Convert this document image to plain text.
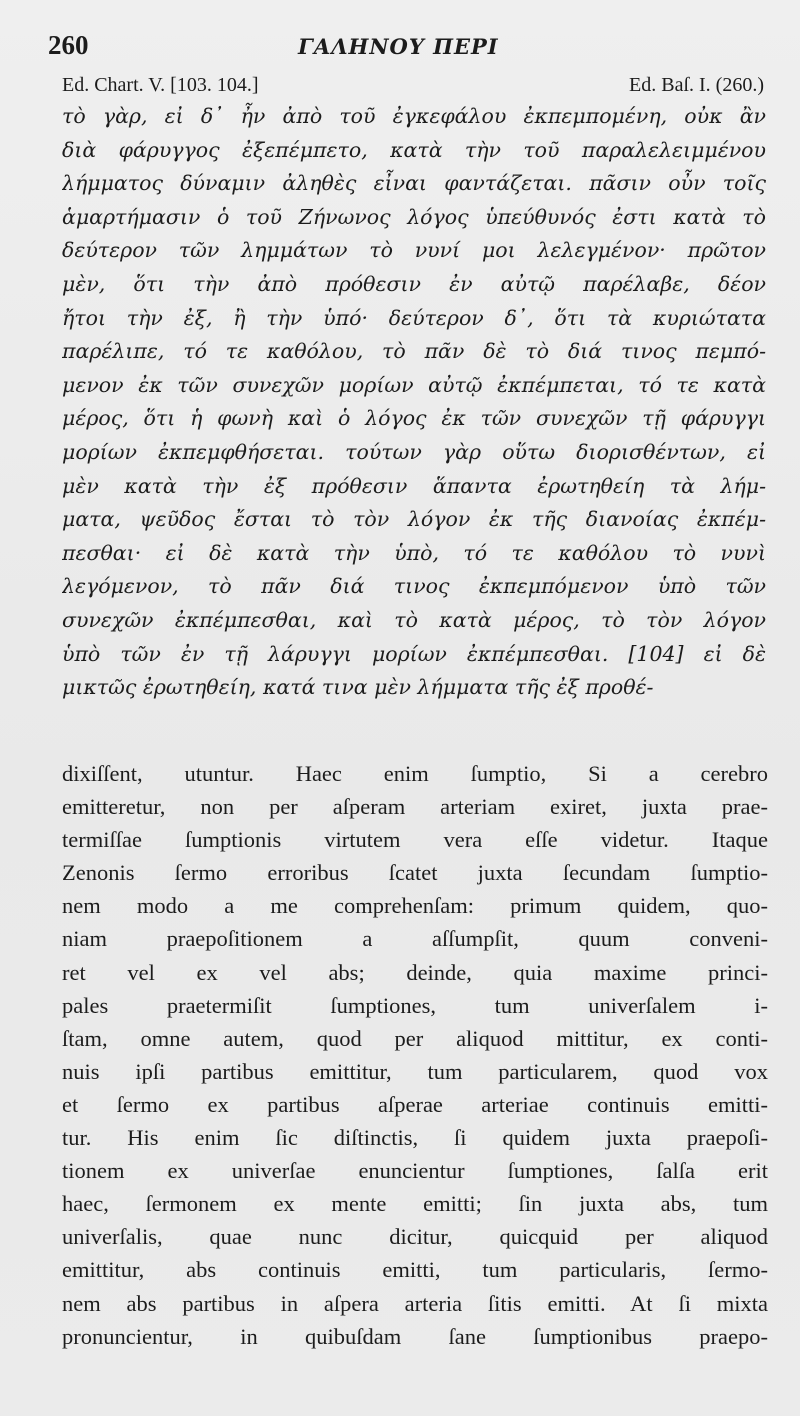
260	ΓΑΛΗΝΟΥ ΠΕΡΙ
Ed. Chart. V. [103. 104.]	Ed. Baſ. I. (260.)
τὸ γὰρ, εἰ δ᾽ ἦν ἀπὸ τοῦ ἐγκεφάλου ἐκπεμπομένη, οὐκ ἂν
διὰ φάρυγγος ἐξεπέμπετο, κατὰ τὴν τοῦ παραλελειμμένου
λήμματος δύναμιν ἀληθὲς εἶναι φαντάζεται. πᾶσιν οὖν τοῖς
ἁμαρτήμασιν ὁ τοῦ Ζήνωνος λόγος ὑπεύθυνός ἐστι κατὰ τὸ
δεύτερον τῶν λημμάτων τὸ νυνί μοι λελεγμένον· πρῶτον
μὲν, ὅτι τὴν ἀπὸ πρόθεσιν ἐν αὐτῷ παρέλαβε, δέον
ἤτοι τὴν ἐξ, ἢ τὴν ὑπό· δεύτερον δ᾽, ὅτι τὰ κυριώτατα
παρέλιπε, τό τε καθόλου, τὸ πᾶν δὲ τὸ διά τινος πεμπό-
μενον ἐκ τῶν συνεχῶν μορίων αὐτῷ ἐκπέμπεται, τό τε κατὰ
μέρος, ὅτι ἡ φωνὴ καὶ ὁ λόγος ἐκ τῶν συνεχῶν τῇ φάρυγγι
μορίων ἐκπεμφθήσεται. τούτων γὰρ οὕτω διορισθέντων, εἰ
μὲν κατὰ τὴν ἐξ πρόθεσιν ἅπαντα ἐρωτηθείη τὰ λήμ-
ματα, ψεῦδος ἔσται τὸ τὸν λόγον ἐκ τῆς διανοίας ἐκπέμ-
πεσθαι· εἰ δὲ κατὰ τὴν ὑπὸ, τό τε καθόλου τὸ νυνὶ
λεγόμενον, τὸ πᾶν διά τινος ἐκπεμπόμενον ὑπὸ τῶν
συνεχῶν ἐκπέμπεσθαι, καὶ τὸ κατὰ μέρος, τὸ τὸν λόγον
ὑπὸ τῶν ἐν τῇ λάρυγγι μορίων ἐκπέμπεσθαι. [104] εἰ δὲ
μικτῶς ἐρωτηθείη, κατά τινα μὲν λήμματα τῆς ἐξ προθέ-
dixiſſent, utuntur. Haec enim ſumptio, Si a cerebro
emitteretur, non per aſperam arteriam exiret, juxta prae-
termiſſae ſumptionis virtutem vera eſſe videtur. Itaque
Zenonis ſermo erroribus ſcatet juxta ſecundam ſumptio-
nem modo a me comprehenſam: primum quidem, quo-
niam praepoſitionem a aſſumpſit, quum conveni-
ret vel ex vel abs; deinde, quia maxime princi-
pales praetermiſit ſumptiones, tum univerſalem i-
ſtam, omne autem, quod per aliquod mittitur, ex conti-
nuis ipſi partibus emittitur, tum particularem, quod vox
et ſermo ex partibus aſperae arteriae continuis emitti-
tur. His enim ſic diſtinctis, ſi quidem juxta praepoſi-
tionem ex univerſae enuncientur ſumptiones, ſalſa erit
haec, ſermonem ex mente emitti; ſin juxta abs, tum
univerſalis, quae nunc dicitur, quicquid per aliquod
emittitur, abs continuis emitti, tum particularis, ſermo-
nem abs partibus in aſpera arteria ſitis emitti. At ſi mixta
pronuncientur, in quibuſdam ſane ſumptionibus praepo-
